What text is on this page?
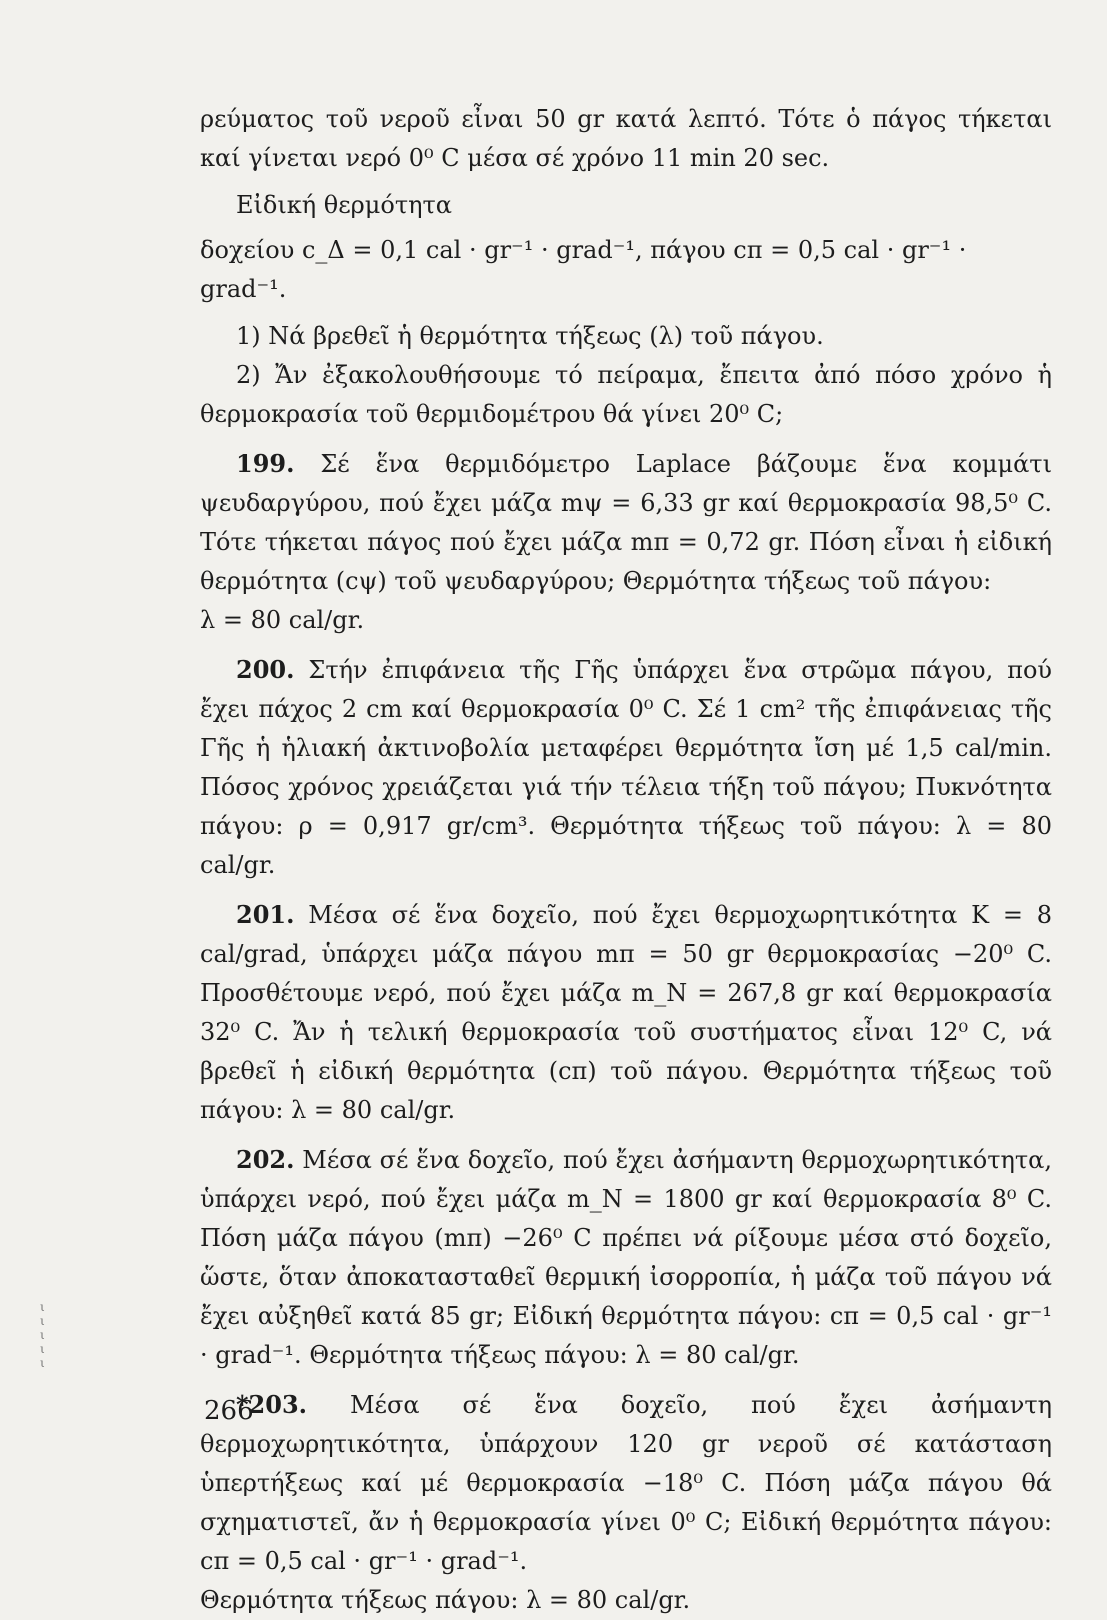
ρεύματος τοῦ νεροῦ εἶναι 50 gr κατά λεπτό. Τότε ὁ πάγος τήκεται καί γίνεται νερό 0⁰ C μέσα σέ χρόνο 11 min 20 sec.

Εἰδική θερμότητα

δοχείου c_Δ = 0,1 cal · gr⁻¹ · grad⁻¹, πάγου cπ = 0,5 cal · gr⁻¹ · grad⁻¹.

1) Νά βρεθεῖ ἡ θερμότητα τήξεως (λ) τοῦ πάγου.

2) Ἄν ἐξακολουθήσουμε τό πείραμα, ἔπειτα ἀπό πόσο χρόνο ἡ θερμοκρασία τοῦ θερμιδομέτρου θά γίνει 20⁰ C;

199. Σέ ἕνα θερμιδόμετρο Laplace βάζουμε ἕνα κομμάτι ψευδαργύρου, πού ἔχει μάζα mψ = 6,33 gr καί θερμοκρασία 98,5⁰ C. Τότε τήκεται πάγος πού ἔχει μάζα mπ = 0,72 gr. Πόση εἶναι ἡ εἰδική θερμότητα (cψ) τοῦ ψευδαργύρου; Θερμότητα τήξεως τοῦ πάγου:

λ = 80 cal/gr.

200. Στήν ἐπιφάνεια τῆς Γῆς ὑπάρχει ἕνα στρῶμα πάγου, πού ἔχει πάχος 2 cm καί θερμοκρασία 0⁰ C. Σέ 1 cm² τῆς ἐπιφάνειας τῆς Γῆς ἡ ἡλιακή ἀκτινοβολία μεταφέρει θερμότητα ἴση μέ 1,5 cal/min. Πόσος χρόνος χρειάζεται γιά τήν τέλεια τήξη τοῦ πάγου; Πυκνότητα πάγου: ρ = 0,917 gr/cm³. Θερμότητα τήξεως τοῦ πάγου: λ = 80 cal/gr.

201. Μέσα σέ ἕνα δοχεῖο, πού ἔχει θερμοχωρητικότητα K = 8 cal/grad, ὑπάρχει μάζα πάγου mπ = 50 gr θερμοκρασίας −20⁰ C. Προσθέτουμε νερό, πού ἔχει μάζα m_N = 267,8 gr καί θερμοκρασία 32⁰ C. Ἄν ἡ τελική θερμοκρασία τοῦ συστήματος εἶναι 12⁰ C, νά βρεθεῖ ἡ εἰδική θερμότητα (cπ) τοῦ πάγου. Θερμότητα τήξεως τοῦ πάγου: λ = 80 cal/gr.

202. Μέσα σέ ἕνα δοχεῖο, πού ἔχει ἀσήμαντη θερμοχωρητικότητα, ὑπάρχει νερό, πού ἔχει μάζα m_N = 1800 gr καί θερμοκρασία 8⁰ C. Πόση μάζα πάγου (mπ) −26⁰ C πρέπει νά ρίξουμε μέσα στό δοχεῖο, ὥστε, ὅταν ἀποκατασταθεῖ θερμική ἰσορροπία, ἡ μάζα τοῦ πάγου νά ἔχει αὐξηθεῖ κατά 85 gr; Εἰδική θερμότητα πάγου: cπ = 0,5 cal · gr⁻¹ · grad⁻¹. Θερμότητα τήξεως πάγου: λ = 80 cal/gr.

*203. Μέσα σέ ἕνα δοχεῖο, πού ἔχει ἀσήμαντη θερμοχωρητικότητα, ὑπάρχουν 120 gr νεροῦ σέ κατάσταση ὑπερτήξεως καί μέ θερμοκρασία −18⁰ C. Πόση μάζα πάγου θά σχηματιστεῖ, ἄν ἡ θερμοκρασία γίνει 0⁰ C; Εἰδική θερμότητα πάγου: cπ = 0,5 cal · gr⁻¹ · grad⁻¹.

Θερμότητα τήξεως πάγου: λ = 80 cal/gr.

266
ι ι ι ι ι
